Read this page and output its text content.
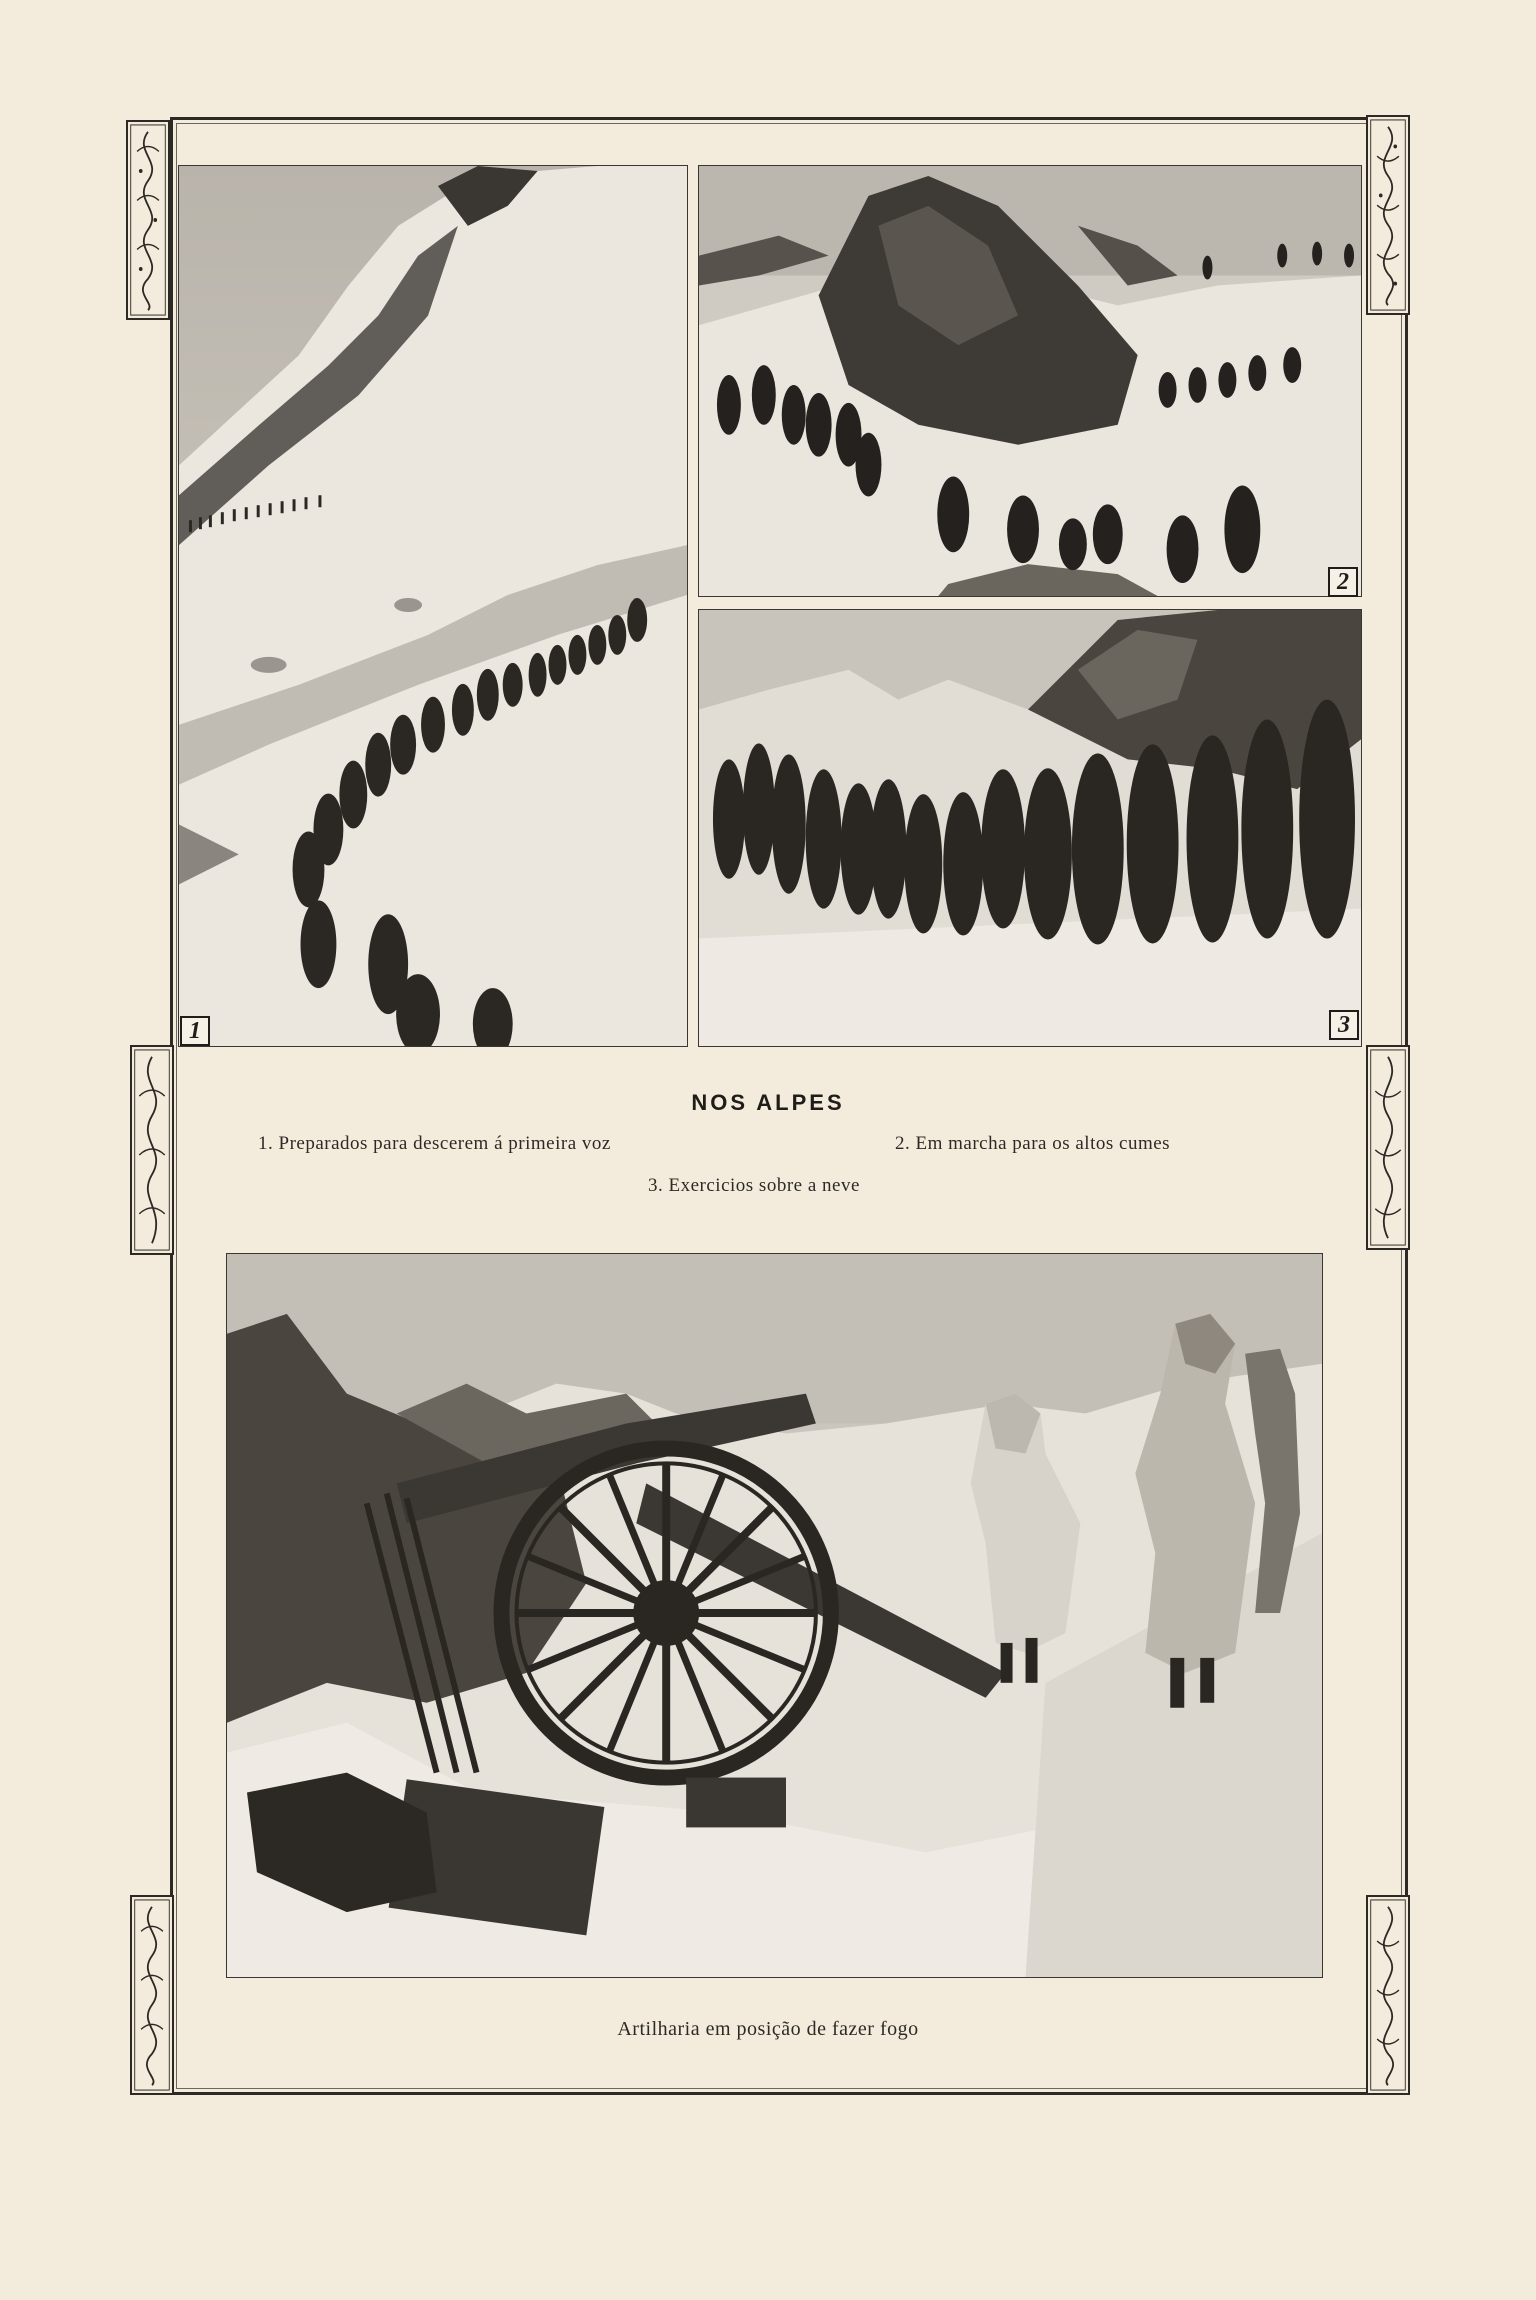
1
2
3
NOS ALPES
1. Preparados para descerem á primeira voz	2. Em marcha para os altos cumes
3. Exercicios sobre a neve
Artilharia em posição de fazer fogo
